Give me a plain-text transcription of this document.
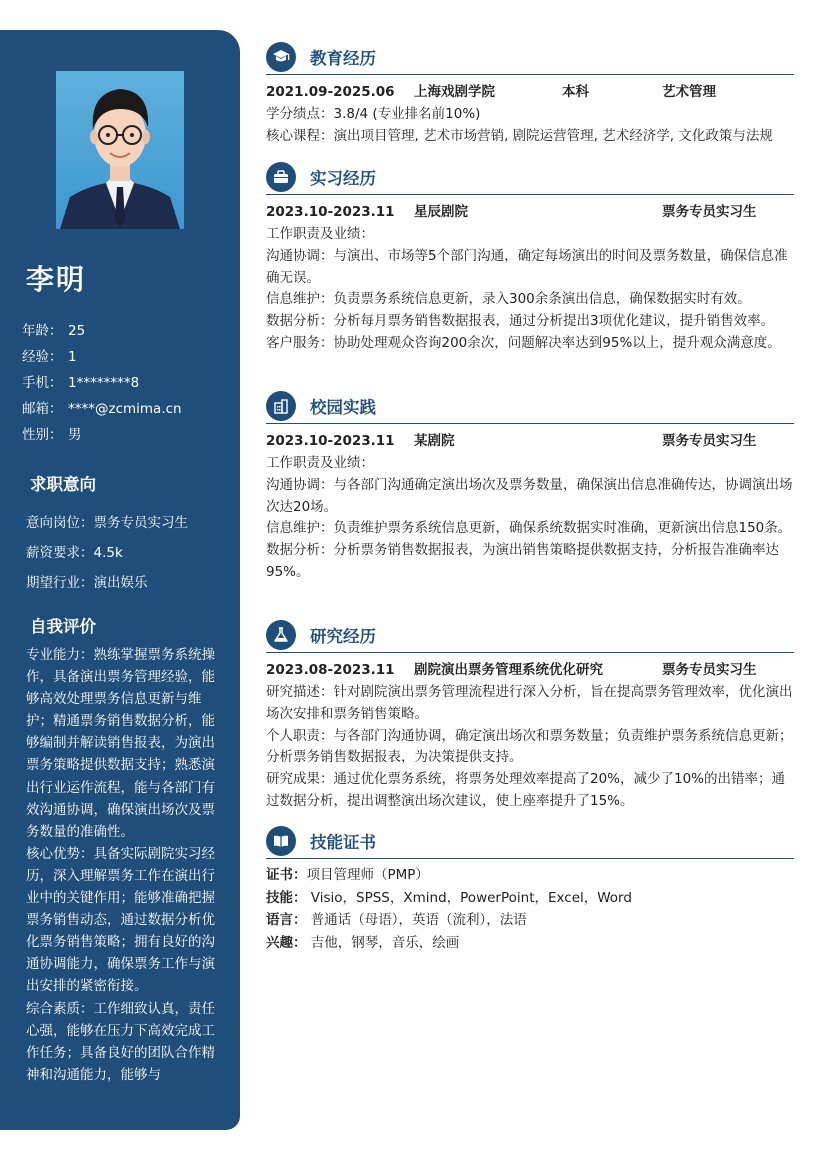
李明
年龄： 25
经验： 1
手机： 1********8
邮箱： ****@zcmima.cn
性别： 男
求职意向
意向岗位：票务专员实习生
薪资要求：4.5k
期望行业：演出娱乐
自我评价

专业能力：熟练掌握票务系统操作，具备演出票务管理经验，能够高效处理票务信息更新与维护；精通票务销售数据分析，能够编制并解读销售报表，为演出票务策略提供数据支持；熟悉演出行业运作流程，能与各部门有效沟通协调，确保演出场次及票务数量的准确性。

核心优势：具备实际剧院实习经历，深入理解票务工作在演出行业中的关键作用；能够准确把握票务销售动态，通过数据分析优化票务销售策略；拥有良好的沟通协调能力，确保票务工作与演出安排的紧密衔接。

综合素质：工作细致认真，责任心强，能够在压力下高效完成工作任务；具备良好的团队合作精神和沟通能力，能够与

教育经历
2021.09-2025.06 上海戏剧学院	本科	艺术管理

学分绩点：3.8/4 (专业排名前10%)

核心课程：演出项目管理, 艺术市场营销, 剧院运营管理, 艺术经济学, 文化政策与法规

实习经历
2023.10-2023.11 星辰剧院	票务专员实习生

工作职责及业绩：

沟通协调：与演出、市场等5个部门沟通，确定每场演出的时间及票务数量，确保信息准确无误。

信息维护：负责票务系统信息更新，录入300余条演出信息，确保数据实时有效。

数据分析：分析每月票务销售数据报表，通过分析提出3项优化建议，提升销售效率。

客户服务：协助处理观众咨询200余次，问题解决率达到95%以上，提升观众满意度。

校园实践
2023.10-2023.11 某剧院	票务专员实习生

工作职责及业绩：

沟通协调：与各部门沟通确定演出场次及票务数量，确保演出信息准确传达，协调演出场次达20场。

信息维护：负责维护票务系统信息更新，确保系统数据实时准确，更新演出信息150条。

数据分析：分析票务销售数据报表，为演出销售策略提供数据支持，分析报告准确率达95%。

研究经历
2023.08-2023.11 剧院演出票务管理系统优化研究	票务专员实习生

研究描述：针对剧院演出票务管理流程进行深入分析，旨在提高票务管理效率，优化演出场次安排和票务销售策略。

个人职责：与各部门沟通协调，确定演出场次和票务数量；负责维护票务系统信息更新；分析票务销售数据报表，为决策提供支持。

研究成果：通过优化票务系统，将票务处理效率提高了20%，减少了10%的出错率；通过数据分析，提出调整演出场次建议，使上座率提升了15%。

技能证书
证书：项目管理师（PMP）
技能： Visio，SPSS，Xmind，PowerPoint，Excel，Word
语言： 普通话（母语），英语（流利），法语
兴趣： 吉他，钢琴，音乐，绘画
